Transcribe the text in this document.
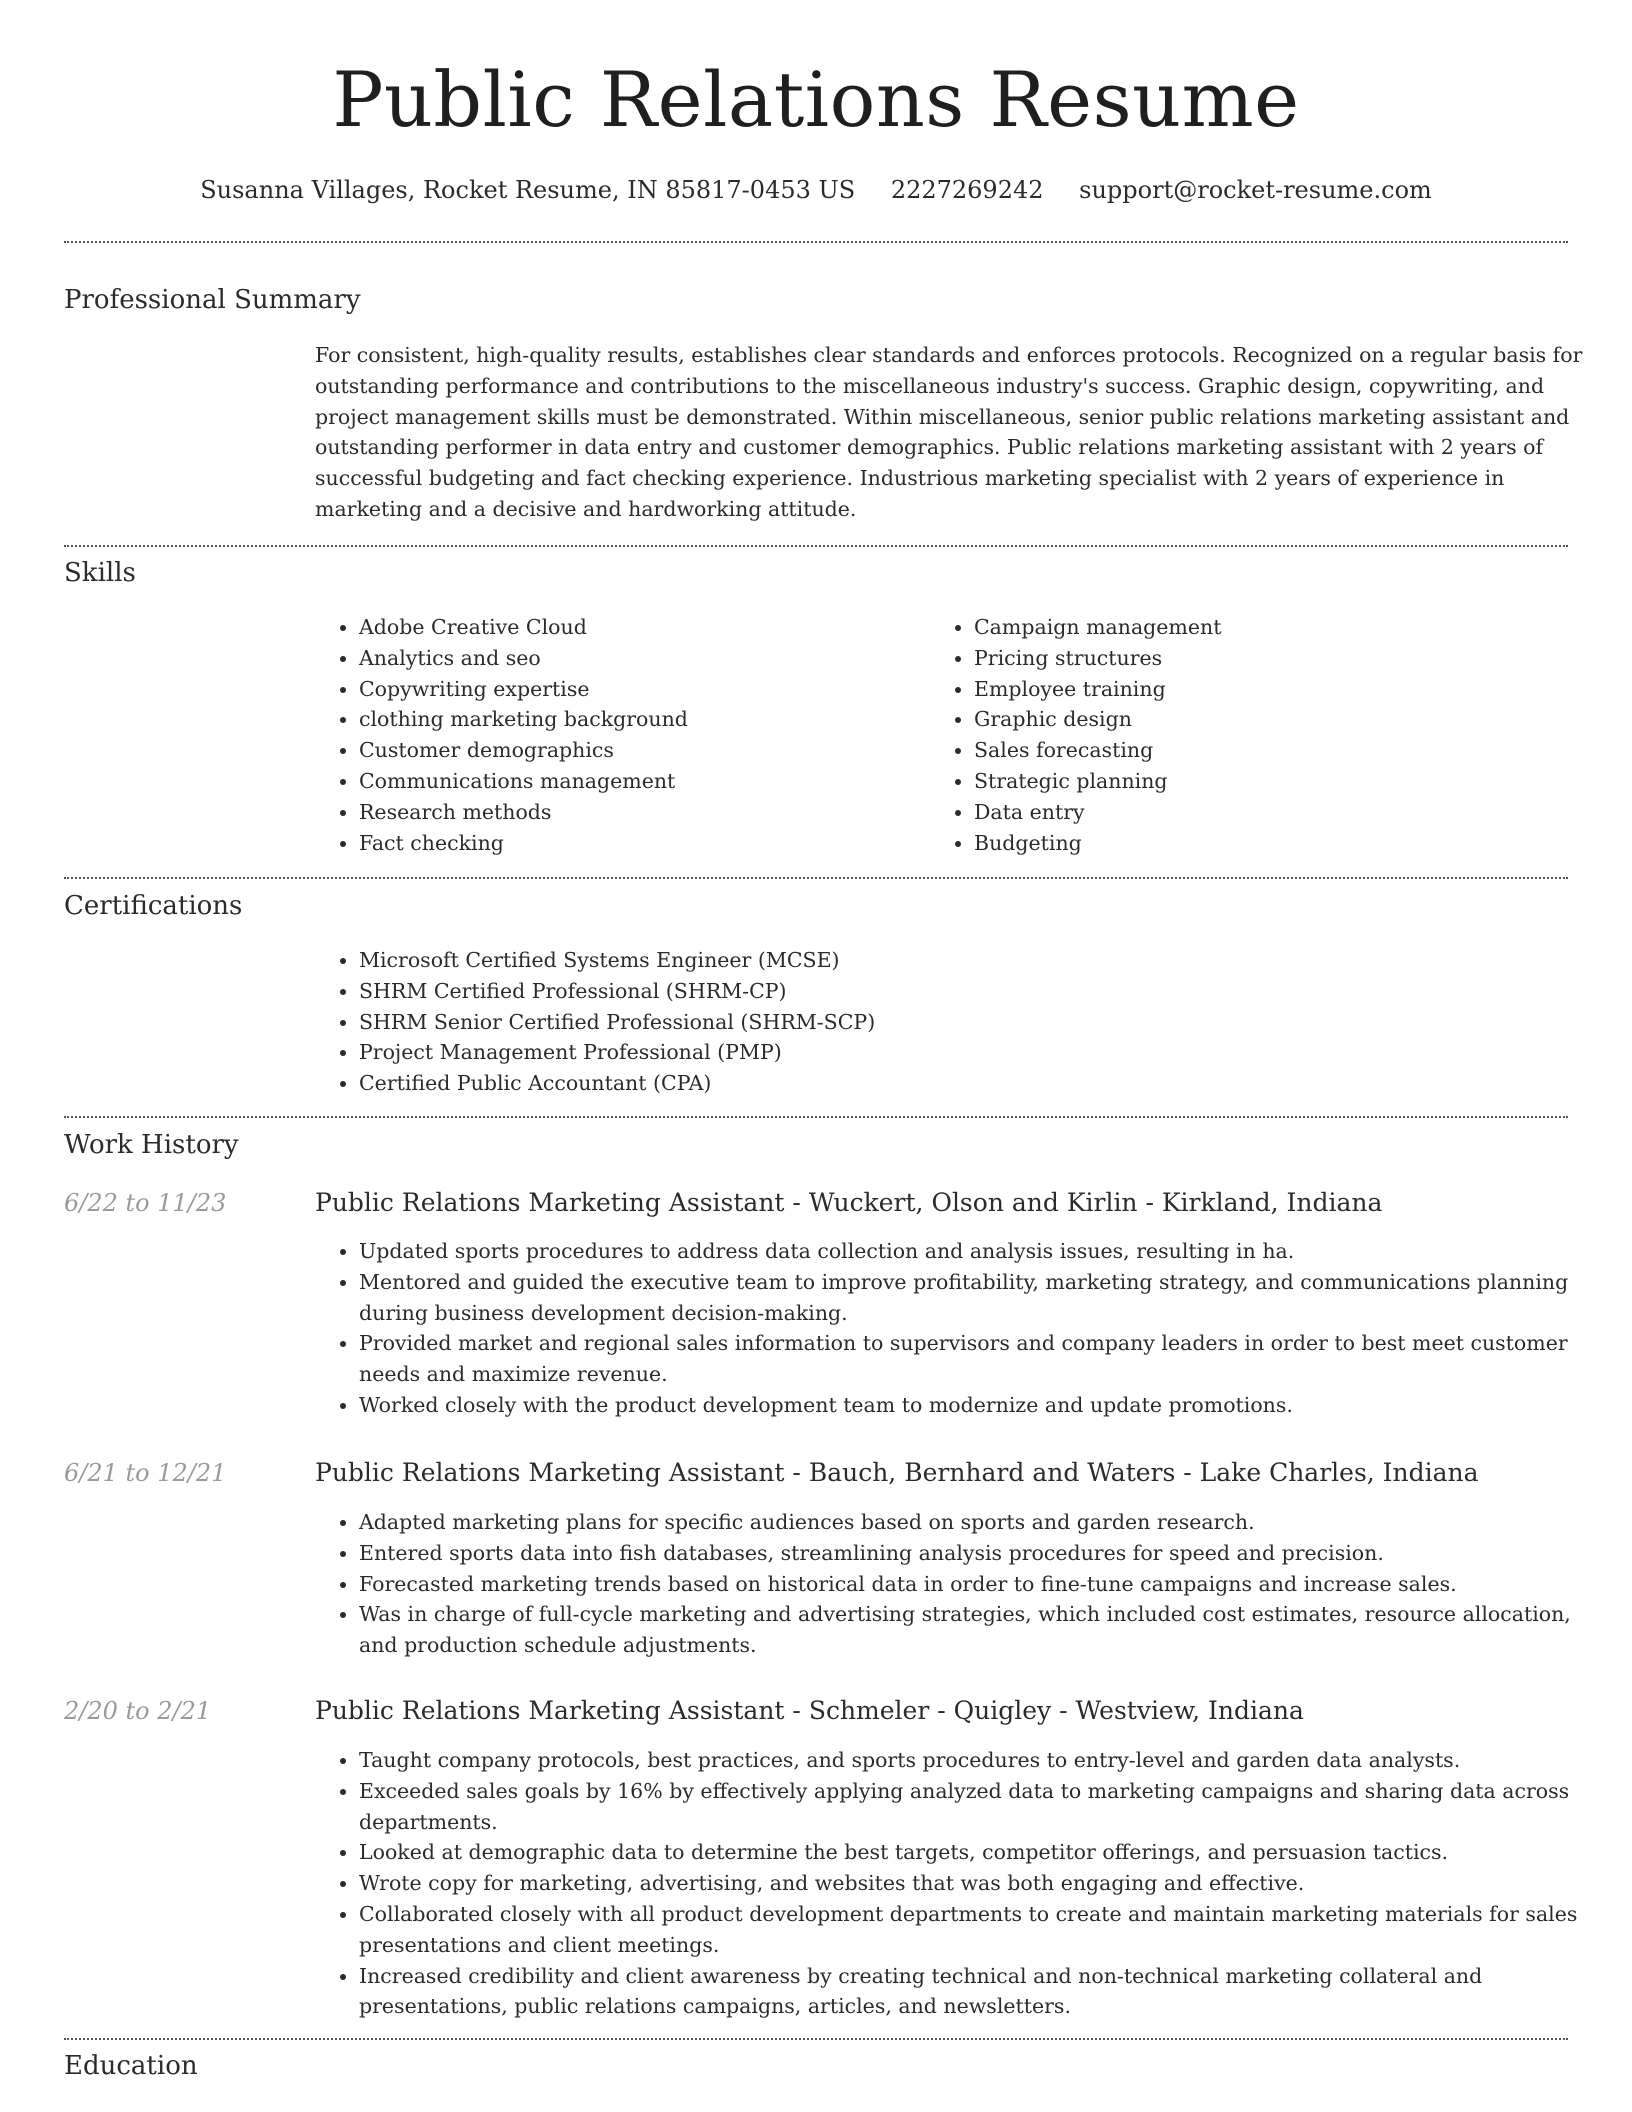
Public Relations Resume
Susanna Villages, Rocket Resume, IN 85817-0453 US 2227269242 support@rocket-resume.com
Professional Summary

For consistent, high-quality results, establishes clear standards and enforces protocols. Recognized on a regular basis for outstanding performance and contributions to the miscellaneous industry's success. Graphic design, copywriting, and project management skills must be demonstrated. Within miscellaneous, senior public relations marketing assistant and outstanding performer in data entry and customer demographics. Public relations marketing assistant with 2 years of successful budgeting and fact checking experience. Industrious marketing specialist with 2 years of experience in marketing and a decisive and hardworking attitude.

Skills
• Adobe Creative Cloud
• Analytics and seo
• Copywriting expertise
• clothing marketing background
• Customer demographics
• Communications management
• Research methods
• Fact checking
• Campaign management
• Pricing structures
• Employee training
• Graphic design
• Sales forecasting
• Strategic planning
• Data entry
• Budgeting
Certifications
• Microsoft Certified Systems Engineer (MCSE)
• SHRM Certified Professional (SHRM-CP)
• SHRM Senior Certified Professional (SHRM-SCP)
• Project Management Professional (PMP)
• Certified Public Accountant (CPA)
Work History
6/22 to 11/23	Public Relations Marketing Assistant - Wuckert, Olson and Kirlin - Kirkland, Indiana
• Updated sports procedures to address data collection and analysis issues, resulting in ha.
• Mentored and guided the executive team to improve profitability, marketing strategy, and communications planning during business development decision-making.
• Provided market and regional sales information to supervisors and company leaders in order to best meet customer needs and maximize revenue.
• Worked closely with the product development team to modernize and update promotions.
6/21 to 12/21	Public Relations Marketing Assistant - Bauch, Bernhard and Waters - Lake Charles, Indiana
• Adapted marketing plans for specific audiences based on sports and garden research.
• Entered sports data into fish databases, streamlining analysis procedures for speed and precision.
• Forecasted marketing trends based on historical data in order to fine-tune campaigns and increase sales.
• Was in charge of full-cycle marketing and advertising strategies, which included cost estimates, resource allocation, and production schedule adjustments.
2/20 to 2/21	Public Relations Marketing Assistant - Schmeler - Quigley - Westview, Indiana
• Taught company protocols, best practices, and sports procedures to entry-level and garden data analysts.
• Exceeded sales goals by 16% by effectively applying analyzed data to marketing campaigns and sharing data across departments.
• Looked at demographic data to determine the best targets, competitor offerings, and persuasion tactics.
• Wrote copy for marketing, advertising, and websites that was both engaging and effective.
• Collaborated closely with all product development departments to create and maintain marketing materials for sales presentations and client meetings.
• Increased credibility and client awareness by creating technical and non-technical marketing collateral and presentations, public relations campaigns, articles, and newsletters.
Education
